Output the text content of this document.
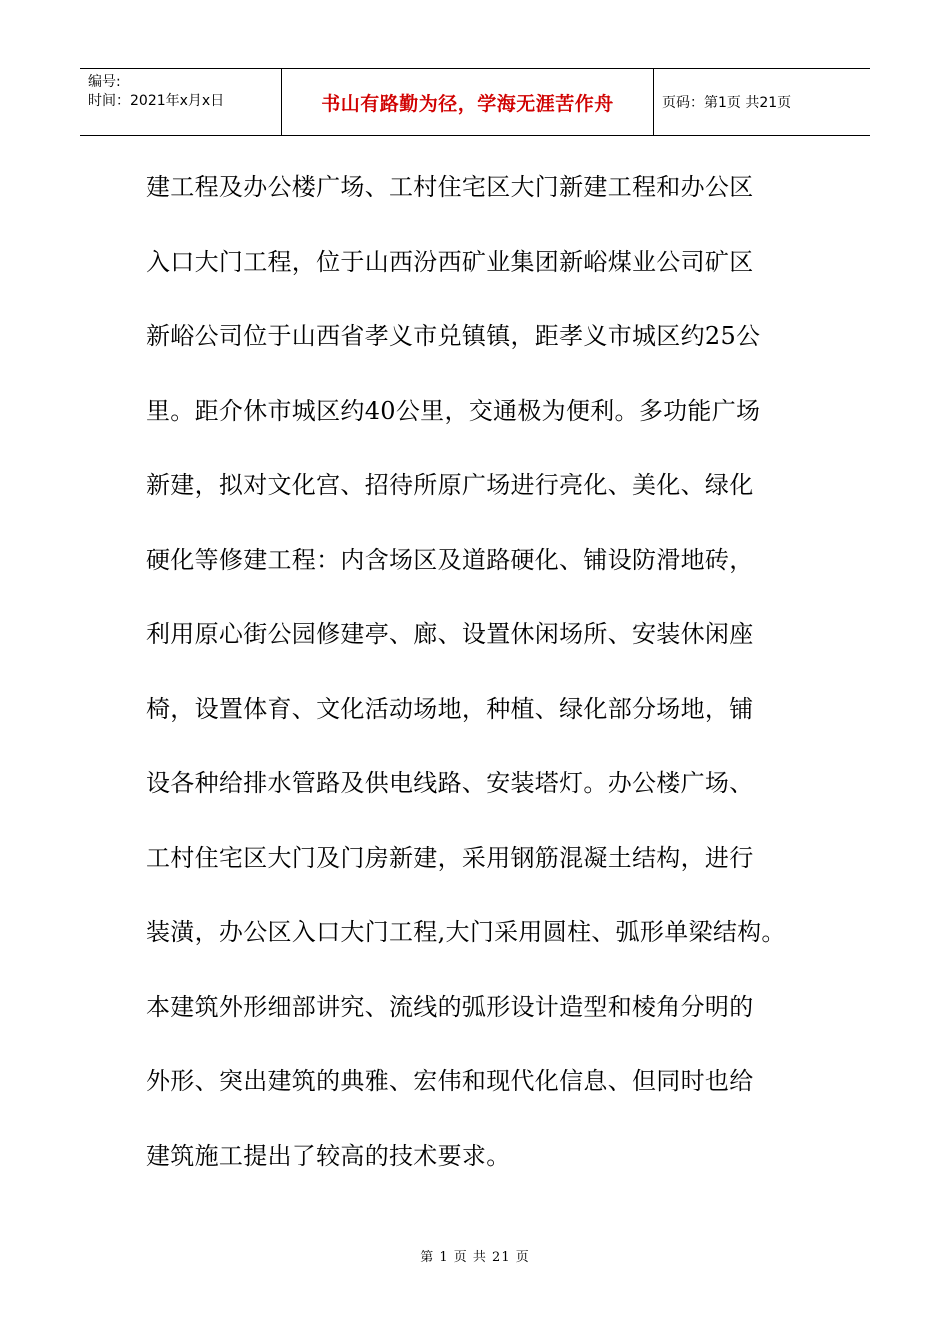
编号:
时间：2021年x月x日	书山有路勤为径，学海无涯苦作舟	页码：第1页 共21页
建工程及办公楼广场、工村住宅区大门新建工程和办公区
入口大门工程，位于山西汾西矿业集团新峪煤业公司矿区
新峪公司位于山西省孝义市兑镇镇，距孝义市城区约25公
里。距介休市城区约40公里，交通极为便利。多功能广场
新建，拟对文化宫、招待所原广场进行亮化、美化、绿化
硬化等修建工程：内含场区及道路硬化、铺设防滑地砖，
利用原心街公园修建亭、廊、设置休闲场所、安装休闲座
椅，设置体育、文化活动场地，种植、绿化部分场地，铺
设各种给排水管路及供电线路、安装塔灯。办公楼广场、
工村住宅区大门及门房新建，采用钢筋混凝土结构，进行
装潢，办公区入口大门工程,大门采用圆柱、弧形单梁结构。
本建筑外形细部讲究、流线的弧形设计造型和棱角分明的
外形、突出建筑的典雅、宏伟和现代化信息、但同时也给
建筑施工提出了较高的技术要求。
第 1 页 共 21 页
